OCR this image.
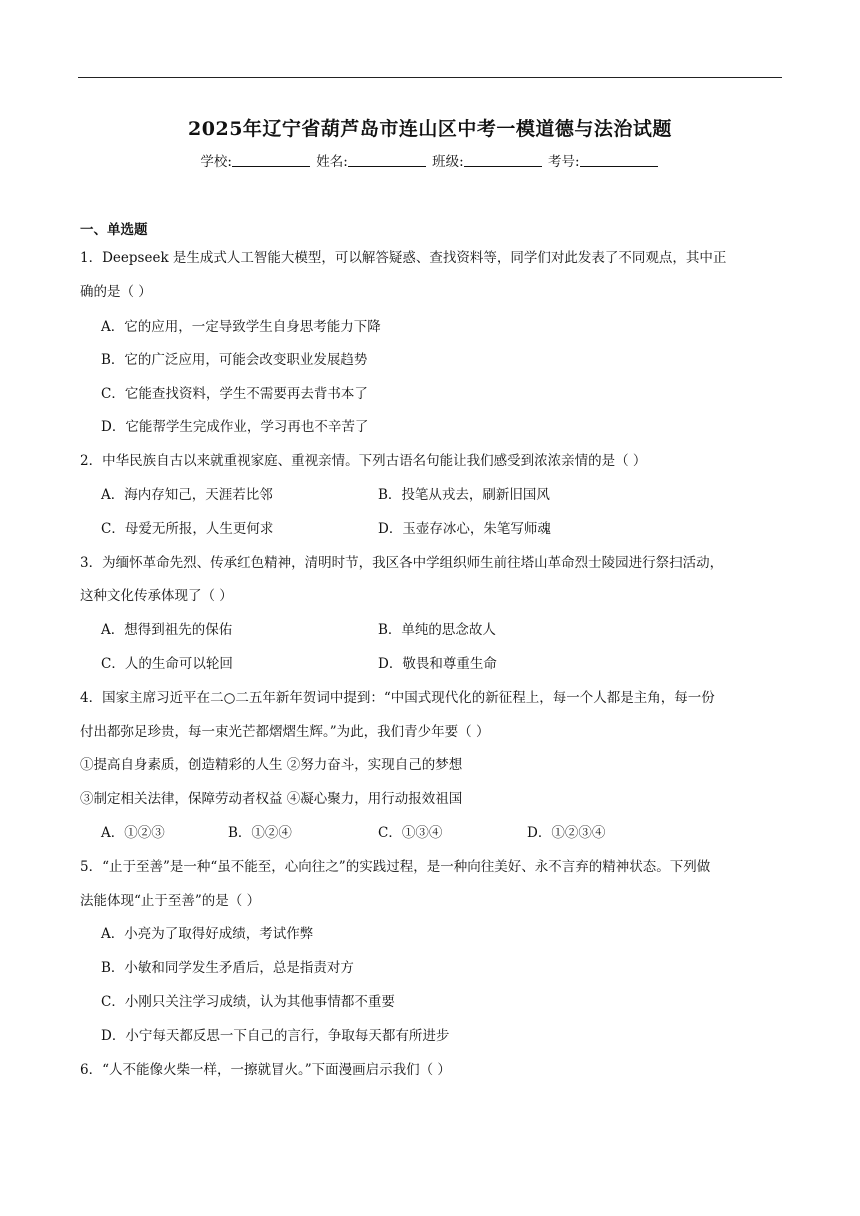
2025年辽宁省葫芦岛市连山区中考一模道德与法治试题
学校:	姓名:	班级:	考号:
一、单选题
1．Deepseek 是生成式人工智能大模型，可以解答疑惑、查找资料等，同学们对此发表了不同观点，其中正
确的是（ ）
A．它的应用，一定导致学生自身思考能力下降
B．它的广泛应用，可能会改变职业发展趋势
C．它能查找资料，学生不需要再去背书本了
D．它能帮学生完成作业，学习再也不辛苦了
2．中华民族自古以来就重视家庭、重视亲情。下列古语名句能让我们感受到浓浓亲情的是（ ）
A．海内存知己，天涯若比邻	B．投笔从戎去，刷新旧国风
C．母爱无所报，人生更何求	D．玉壶存冰心，朱笔写师魂
3．为缅怀革命先烈、传承红色精神，清明时节，我区各中学组织师生前往塔山革命烈士陵园进行祭扫活动，
这种文化传承体现了（ ）
A．想得到祖先的保佑	B．单纯的思念故人
C．人的生命可以轮回	D．敬畏和尊重生命
4．国家主席习近平在二○二五年新年贺词中提到：“中国式现代化的新征程上，每一个人都是主角，每一份
付出都弥足珍贵，每一束光芒都熠熠生辉。”为此，我们青少年要（ ）
①提高自身素质，创造精彩的人生 ②努力奋斗，实现自己的梦想
③制定相关法律，保障劳动者权益 ④凝心聚力，用行动报效祖国
A．①②③	B．①②④	C．①③④	D．①②③④
5．“止于至善”是一种“虽不能至，心向往之”的实践过程，是一种向往美好、永不言弃的精神状态。下列做
法能体现“止于至善”的是（ ）
A．小亮为了取得好成绩，考试作弊
B．小敏和同学发生矛盾后，总是指责对方
C．小刚只关注学习成绩，认为其他事情都不重要
D．小宁每天都反思一下自己的言行，争取每天都有所进步
6．“人不能像火柴一样，一擦就冒火。”下面漫画启示我们（ ）
